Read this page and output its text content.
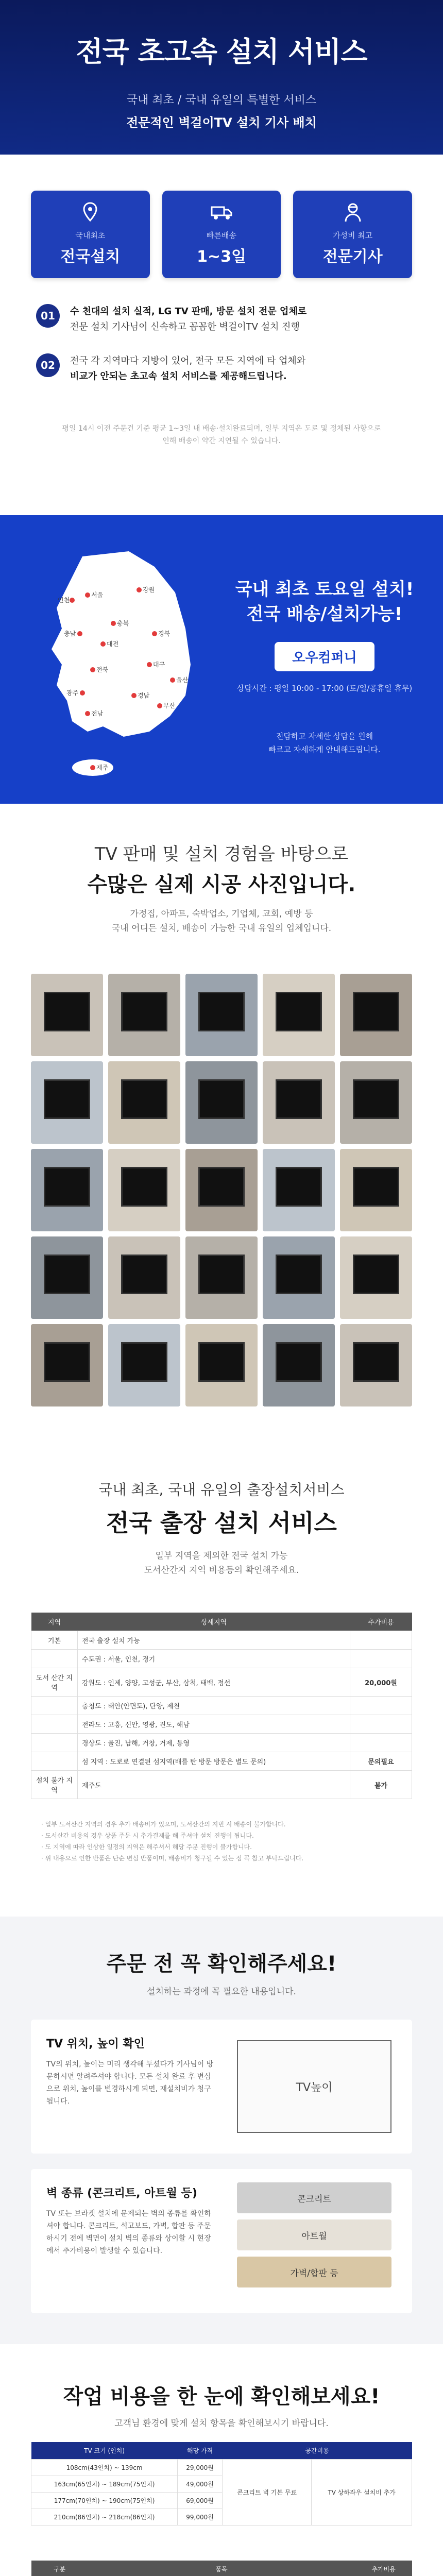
전국 초고속 설치 서비스
국내 최초 / 국내 유일의 특별한 서비스
전문적인 벽걸이TV 설치 기사 배치
국내최초
전국설치
빠른배송
1~3일
가성비 최고
전문기사
01	수 천대의 설치 실적, LG TV 판매, 방문 설치 전문 업체로
전문 설치 기사님이 신속하고 꼼꼼한 벽걸이TV 설치 진행
02	전국 각 지역마다 지방이 있어, 전국 모든 지역에 타 업체와
비교가 안되는 초고속 설치 서비스를 제공해드립니다.
평일 14시 이전 주문건 기준 평균 1~3일 내 배송·설치완료되며, 일부 지역은 도로 및 정체된 사항으로 인해 배송이 약간 지연될 수 있습니다.
서울
인천
강원
충북
충남
대전
경북
대구
전북
광주
전남
경남
부산
울산
제주
국내 최초 토요일 설치!
전국 배송/설치가능!
오우컴퍼니
상담시간 : 평일 10:00 - 17:00 (토/일/공휴일 휴무)
전담하고 자세한 상담을 원해
빠르고 자세하게 안내해드립니다.
TV 판매 및 설치 경험을 바탕으로
수많은 실제 시공 사진입니다.
가정집, 아파트, 숙박업소, 기업체, 교회, 예방 등
국내 어디든 설치, 배송이 가능한 국내 유일의 업체입니다.
국내 최초, 국내 유일의 출장설치서비스
전국 출장 설치 서비스
일부 지역을 제외한 전국 설치 가능
도서산간지 지역 비용등의 확인해주세요.
지역	상세지역	추가비용
기본	전국 출장 설치 가능	
	수도권 : 서울, 인천, 경기	
도서 산간 지역	강원도 : 인제, 양양, 고성군, 부산, 삼척, 태백, 정선	20,000원
	충청도 : 태안(안면도), 단양, 제천	
	전라도 : 고흥, 신안, 영광, 진도, 해남	
	경상도 : 울진, 남해, 거창, 거제, 통영	
	섬 지역 : 도로로 연결된 섬지역(배를 탄 방문 방문은 별도 문의)	문의필요
설치 불가 지역	제주도	불가
· 일부 도서산간 지역의 경우 추가 배송비가 있으며, 도서산간의 지번 시 배송이 불가합니다.
· 도서산간 비용의 경우 상품 주문 시 추가결제를 해 주셔야 설치 진행이 됩니다.
· 도 지역에 따라 인상한 일정의 지역은 해주셔서 해당 주문 진행이 불가합니다.
· 위 내용으로 인한 반품은 단순 변심 반품이며, 배송비가 청구될 수 있는 점 꼭 참고 부탁드립니다.
주문 전 꼭 확인해주세요!
설치하는 과정에 꼭 필요한 내용입니다.
TV 위치, 높이 확인
TV의 위치, 높이는 미리 생각해 두셨다가 기사님이 방문하시면 알려주셔야 합니다. 모든 설치 완료 후 변심으로 위치, 높이를 변경하시게 되면, 재설치비가 청구됩니다.
TV높이
벽 종류 (콘크리트, 아트월 등)
TV 또는 브라켓 설치에 문제되는 벽의 종류를 확인하셔야 합니다. 콘크리트, 석고보드, 가벽, 합판 등 주문하시기 전에 벽면이 설치 벽의 종류와 상이할 시 현장에서 추가비용이 발생할 수 있습니다.
콘크리트
아트월
가벽/합판 등
작업 비용을 한 눈에 확인해보세요!
고객님 환경에 맞게 설치 항목을 확인해보시기 바랍니다.
TV 크기 (인치)	해당 가격	공간비용	
108cm(43인치) ~ 139cm	29,000원	콘크리트 벽 기본 무료	TV 상하좌우 설치비 추가
163cm(65인치) ~ 189cm(75인치)	49,000원		
177cm(70인치) ~ 190cm(75인치)	69,000원		
210cm(86인치) ~ 218cm(86인치)	99,000원		
구분	품목	추가비용
